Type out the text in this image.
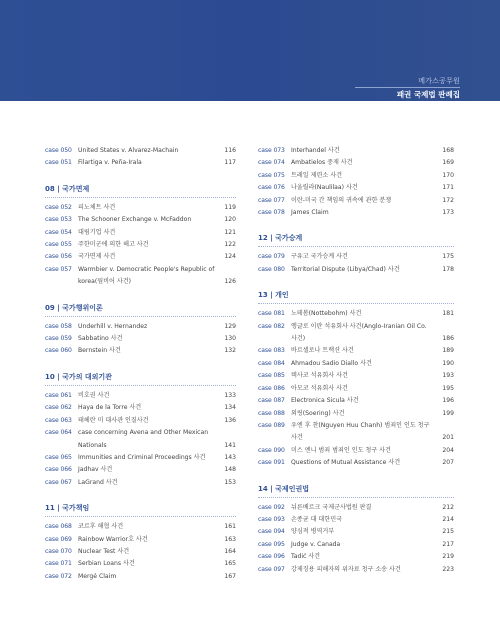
메가스공무원
패권 국제법 판례집
case 050	United States v. Alvarez-Machain	116
case 051	Filartiga v. Peña-Irala	117
08 | 국가면제
case 052	피노체트 사건	119
case 053	The Schooner Exchange v. McFaddon	120
case 054	대림기업 사건	121
case 055	주한미군에 의한 해고 사건	122
case 056	국가면제 사건	124
case 057	Warmbier v. Democratic People's Republic of korea(웜비어 사건)	126
09 | 국가행위이론
case 058	Underhill v. Hernandez	129
case 059	Sabbatino 사건	130
case 060	Bernstein 사건	132
10 | 국가의 대외기관
case 061	비호권 사건	133
case 062	Haya de la Torre 사건	134
case 063	테헤란 미 대사관 인질사건	136
case 064	case concerning Avena and Other Mexican Nationals	141
case 065	Immunities and Criminal Proceedings 사건	143
case 066	Jadhav 사건	148
case 067	LaGrand 사건	153
11 | 국가책임
case 068	코르후 해협 사건	161
case 069	Rainbow Warrior호 사건	163
case 070	Nuclear Test 사건	164
case 071	Serbian Loans 사건	165
case 072	Mergé Claim	167
case 073	Interhandel 사건	168
case 074	Ambatielos 중재 사건	169
case 075	트레일 제련소 사건	170
case 076	나울릴라(Naulilaa) 사건	171
case 077	이란-미국 간 책임의 귀속에 관한 분쟁	172
case 078	James Claim	173
12 | 국가승계
case 079	구유고 국가승계 사건	175
case 080	Territorial Dispute (Libya/Chad) 사건	178
13 | 개인
case 081	노테봄(Nottebohm) 사건	181
case 082	앵글로 이란 석유회사 사건(Anglo-Iranian Oil Co. 사건)	186
case 083	바르셀로나 트랙션 사건	189
case 084	Ahmadou Sadio Diallo 사건	190
case 085	텍사코 석유회사 사건	193
case 086	아모코 석유회사 사건	195
case 087	Electronica Sicula 사건	196
case 088	외링(Soering) 사건	199
case 089	우엔 후 찬(Nguyen Huu Chanh) 범죄인 인도 청구 사건	201
case 090	미스 엔니 범죄 범죄인 인도 청구 사건	204
case 091	Questions of Mutual Assistance 사건	207
14 | 국제인권법
case 092	뉘른베르크 국제군사법원 판결	212
case 093	손종균 대 대한민국	214
case 094	양심적 병역거부	215
case 095	Judge v. Canada	217
case 096	Tadić 사건	219
case 097	강제징용 피해자의 위자료 청구 소송 사건	223
